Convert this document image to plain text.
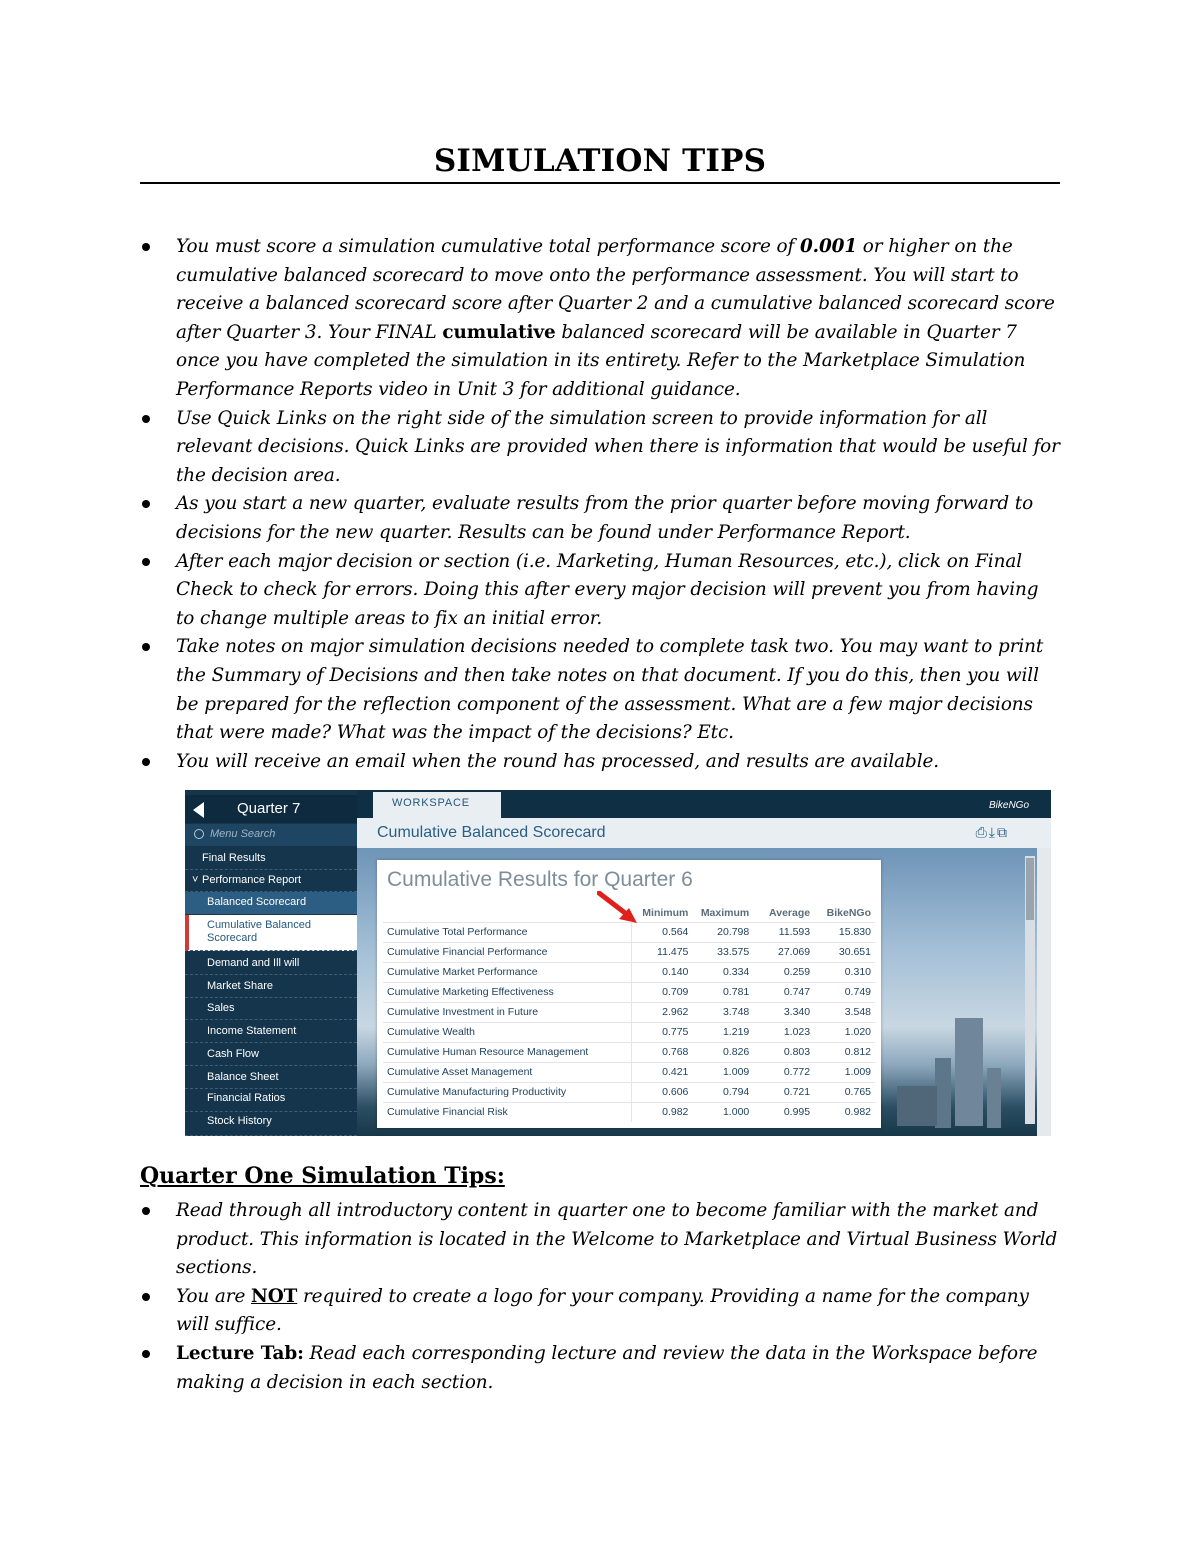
SIMULATION TIPS
You must score a simulation cumulative total performance score of 0.001 or higher on the cumulative balanced scorecard to move onto the performance assessment. You will start to receive a balanced scorecard score after Quarter 2 and a cumulative balanced scorecard score after Quarter 3. Your FINAL cumulative balanced scorecard will be available in Quarter 7 once you have completed the simulation in its entirety. Refer to the Marketplace Simulation Performance Reports video in Unit 3 for additional guidance.
Use Quick Links on the right side of the simulation screen to provide information for all relevant decisions. Quick Links are provided when there is information that would be useful for the decision area.
As you start a new quarter, evaluate results from the prior quarter before moving forward to decisions for the new quarter. Results can be found under Performance Report.
After each major decision or section (i.e. Marketing, Human Resources, etc.), click on Final Check to check for errors. Doing this after every major decision will prevent you from having to change multiple areas to fix an initial error.
Take notes on major simulation decisions needed to complete task two. You may want to print the Summary of Decisions and then take notes on that document. If you do this, then you will be prepared for the reflection component of the assessment. What are a few major decisions that were made? What was the impact of the decisions? Etc.
You will receive an email when the round has processed, and results are available.
Quarter 7
Menu Search
Final Results
˅ Performance Report
Balanced Scorecard
Cumulative Balanced Scorecard
Demand and Ill will
Market Share
Sales
Income Statement
Cash Flow
Balance Sheet
Financial Ratios
Stock History
WORKSPACE	BikeNGo
Cumulative Balanced Scorecard	⎙⤓⧉
Cumulative Results for Quarter 6
	Minimum	Maximum	Average	BikeNGo
Cumulative Total Performance	0.564	20.798	11.593	15.830
Cumulative Financial Performance	11.475	33.575	27.069	30.651
Cumulative Market Performance	0.140	0.334	0.259	0.310
Cumulative Marketing Effectiveness	0.709	0.781	0.747	0.749
Cumulative Investment in Future	2.962	3.748	3.340	3.548
Cumulative Wealth	0.775	1.219	1.023	1.020
Cumulative Human Resource Management	0.768	0.826	0.803	0.812
Cumulative Asset Management	0.421	1.009	0.772	1.009
Cumulative Manufacturing Productivity	0.606	0.794	0.721	0.765
Cumulative Financial Risk	0.982	1.000	0.995	0.982
Quarter One Simulation Tips:
Read through all introductory content in quarter one to become familiar with the market and product. This information is located in the Welcome to Marketplace and Virtual Business World sections.
You are NOT required to create a logo for your company. Providing a name for the company will suffice.
Lecture Tab: Read each corresponding lecture and review the data in the Workspace before making a decision in each section.
